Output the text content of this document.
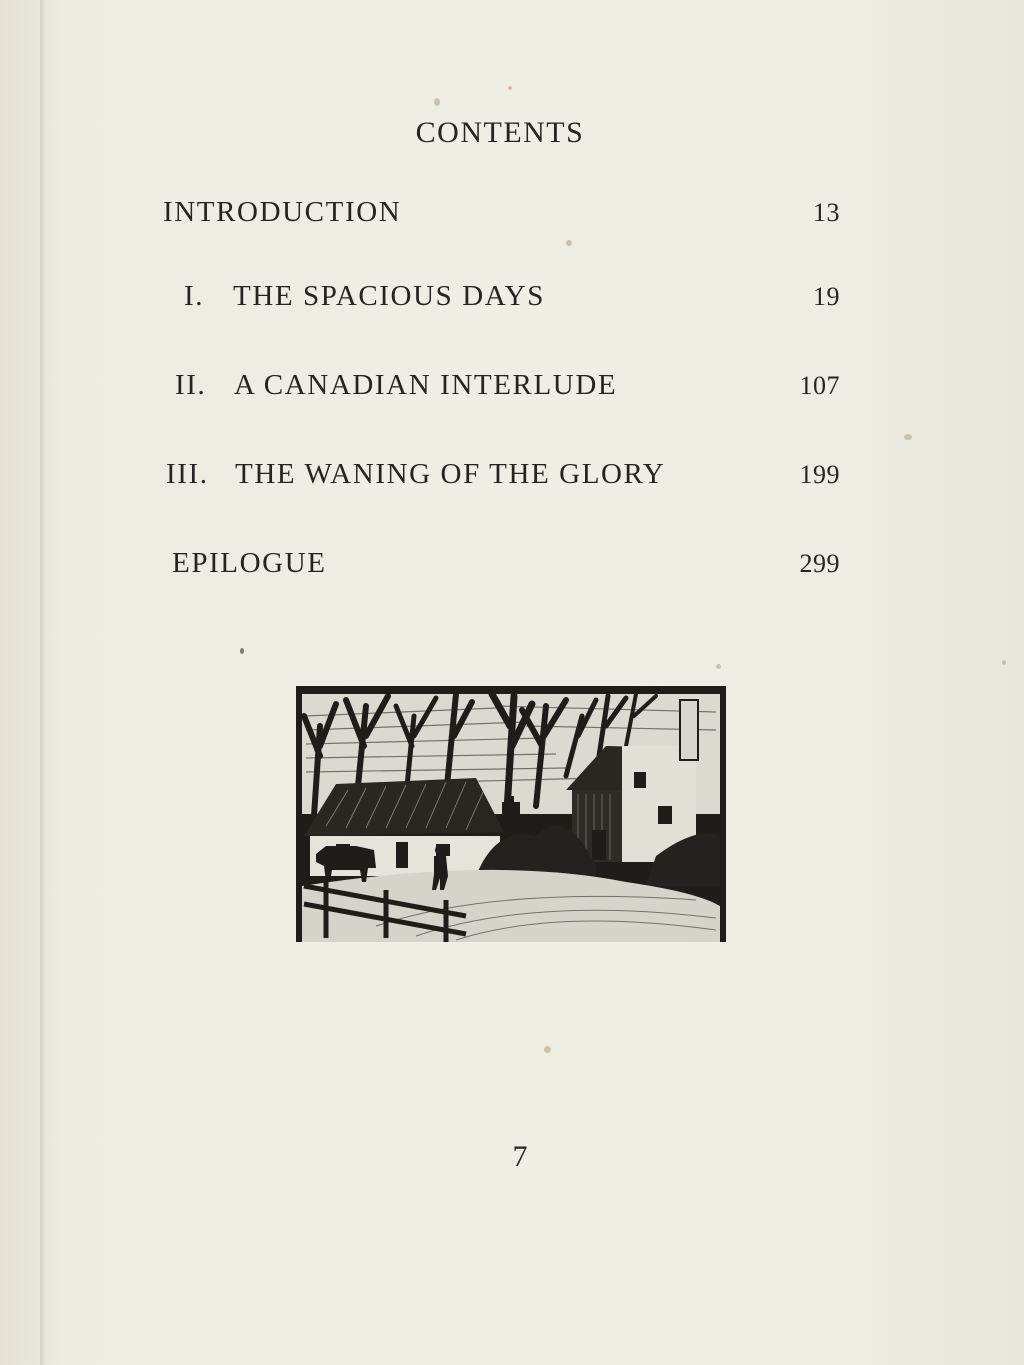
CONTENTS
INTRODUCTION	13
I. THE SPACIOUS DAYS	19
II. A CANADIAN INTERLUDE	107
III. THE WANING OF THE GLORY	199
EPILOGUE	299
7
